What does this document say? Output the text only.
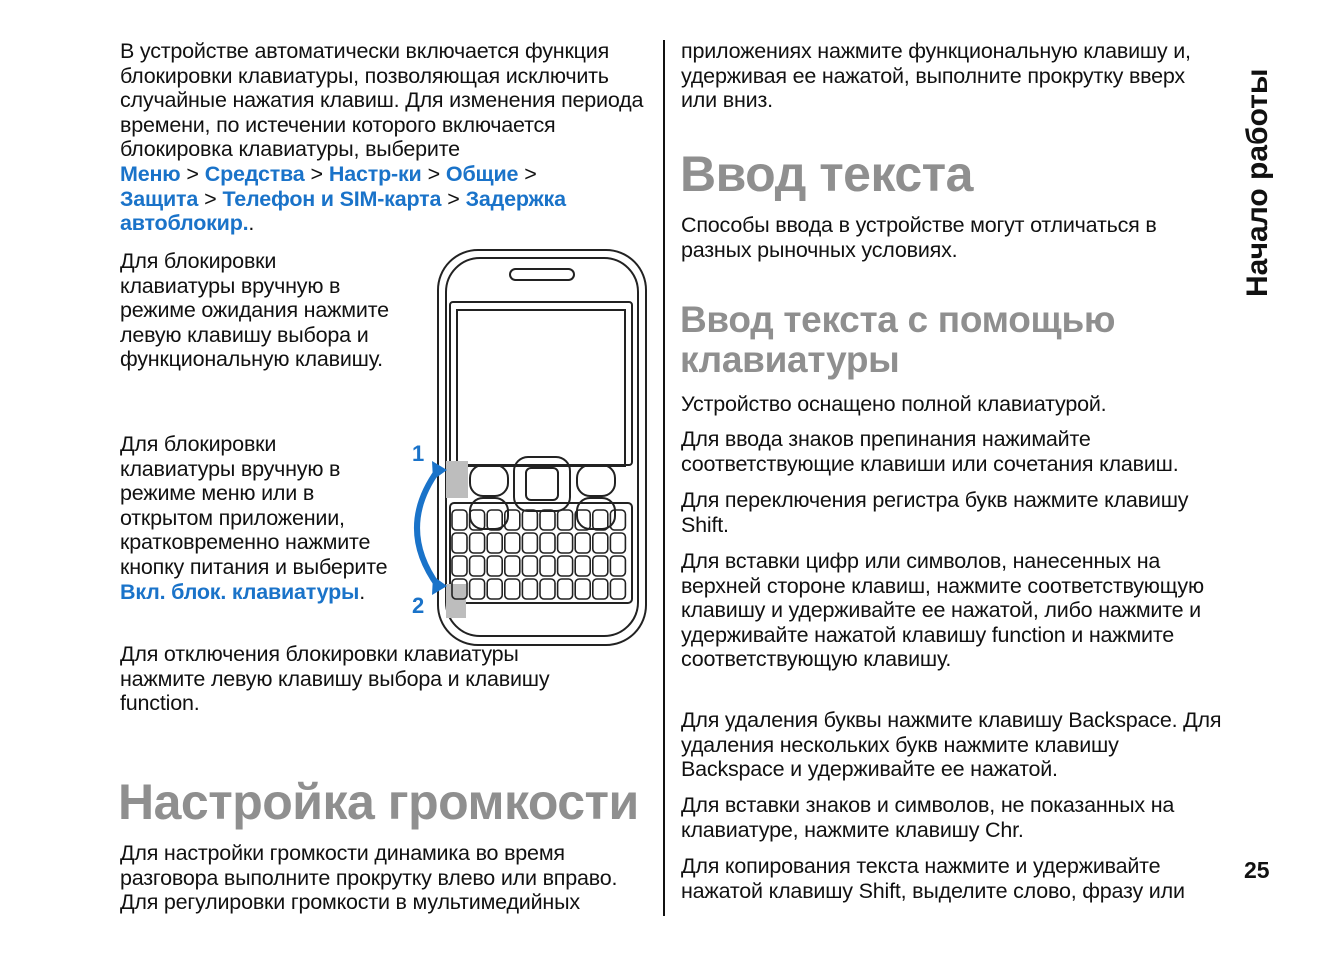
В устройстве автоматически включается функция блокировки клавиатуры, позволяющая исключить случайные нажатия клавиш. Для изменения периода времени, по истечении которого включается блокировка клавиатуры, выберите Меню > Средства > Настр-ки > Общие > Защита > Телефон и SIM-карта > Задержка автоблокир..

Для блокировки клавиатуры вручную в режиме ожидания нажмите левую клавишу выбора и функциональную клавишу.

Для блокировки клавиатуры вручную в режиме меню или в открытом приложении, кратковременно нажмите кнопку питания и выберите Вкл. блок. клавиатуры.

Для отключения блокировки клавиатуры нажмите левую клавишу выбора и клавишу function.

Настройка громкости

Для настройки громкости динамика во время разговора выполните прокрутку влево или вправо. Для регулировки громкости в мультимедийных

1
2

приложениях нажмите функциональную клавишу и, удерживая ее нажатой, выполните прокрутку вверх или вниз.

Ввод текста

Способы ввода в устройстве могут отличаться в разных рыночных условиях.

Ввод текста с помощью клавиатуры

Устройство оснащено полной клавиатурой.

Для ввода знаков препинания нажимайте соответствующие клавиши или сочетания клавиш.

Для переключения регистра букв нажмите клавишу Shift.

Для вставки цифр или символов, нанесенных на верхней стороне клавиш, нажмите соответствующую клавишу и удерживайте ее нажатой, либо нажмите и удерживайте нажатой клавишу function и нажмите соответствующую клавишу.

Для удаления буквы нажмите клавишу Backspace. Для удаления нескольких букв нажмите клавишу Backspace и удерживайте ее нажатой.

Для вставки знаков и символов, не показанных на клавиатуре, нажмите клавишу Chr.

Для копирования текста нажмите и удерживайте нажатой клавишу Shift, выделите слово, фразу или

Начало работы
25
